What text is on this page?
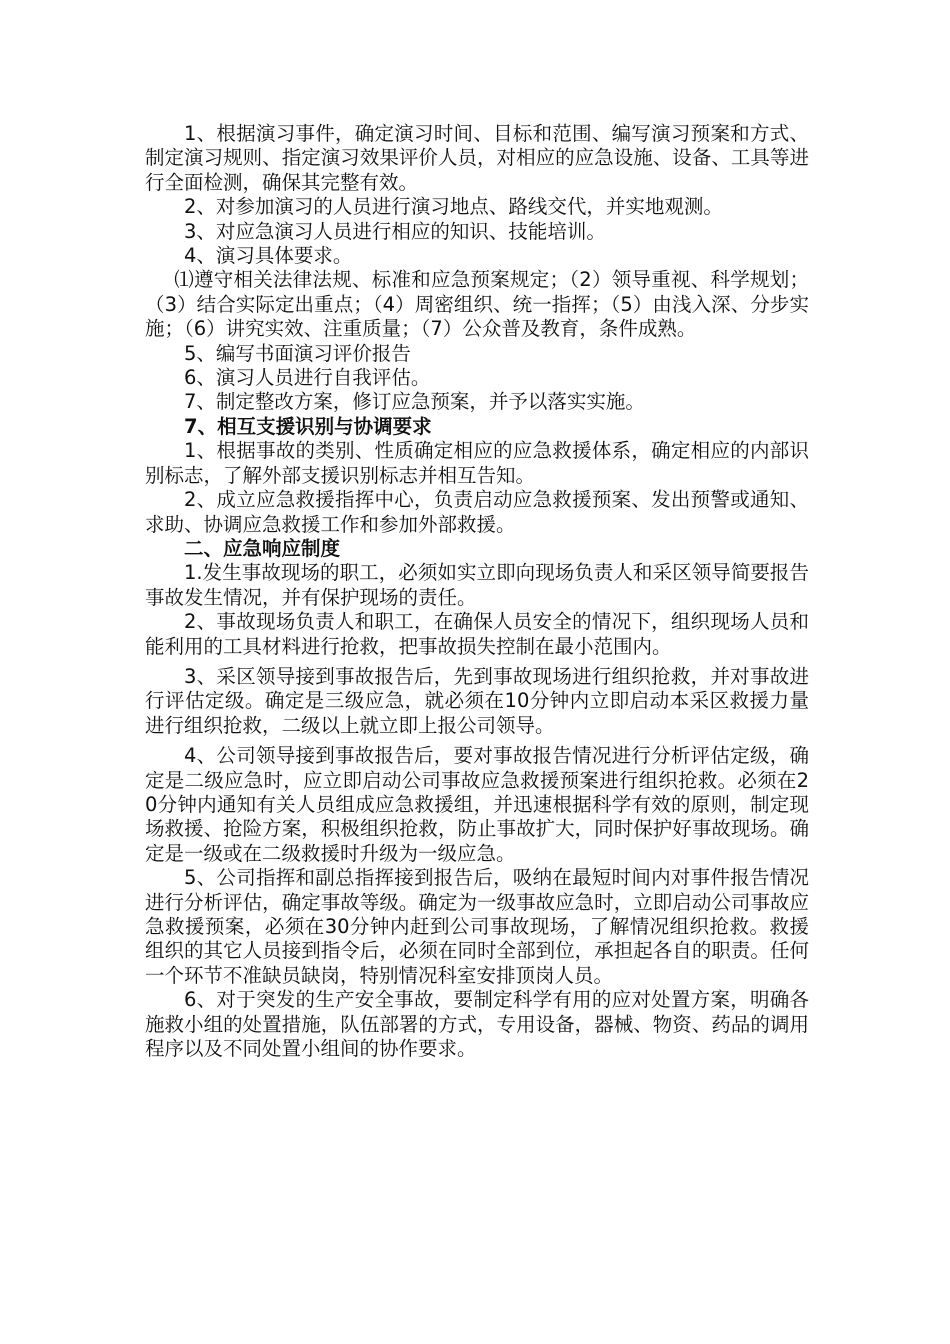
1、根据演习事件，确定演习时间、目标和范围、编写演习预案和方式、制定演习规则、指定演习效果评价人员，对相应的应急设施、设备、工具等进行全面检测，确保其完整有效。

2、对参加演习的人员进行演习地点、路线交代，并实地观测。

3、对应急演习人员进行相应的知识、技能培训。

4、演习具体要求。

⑴遵守相关法律法规、标准和应急预案规定；（2）领导重视、科学规划；（3）结合实际定出重点；（4）周密组织、统一指挥；（5）由浅入深、分步实施；（6）讲究实效、注重质量；（7）公众普及教育，条件成熟。

5、编写书面演习评价报告

6、演习人员进行自我评估。

7、制定整改方案，修订应急预案，并予以落实实施。

7、相互支援识别与协调要求

1、根据事故的类别、性质确定相应的应急救援体系，确定相应的内部识别标志，了解外部支援识别标志并相互告知。

2、成立应急救援指挥中心，负责启动应急救援预案、发出预警或通知、求助、协调应急救援工作和参加外部救援。

二、应急响应制度

1.发生事故现场的职工，必须如实立即向现场负责人和采区领导简要报告事故发生情况，并有保护现场的责任。

2、事故现场负责人和职工，在确保人员安全的情况下，组织现场人员和能利用的工具材料进行抢救，把事故损失控制在最小范围内。

3、采区领导接到事故报告后，先到事故现场进行组织抢救，并对事故进行评估定级。确定是三级应急，就必须在10分钟内立即启动本采区救援力量进行组织抢救，二级以上就立即上报公司领导。

4、公司领导接到事故报告后，要对事故报告情况进行分析评估定级，确定是二级应急时，应立即启动公司事故应急救援预案进行组织抢救。必须在20分钟内通知有关人员组成应急救援组，并迅速根据科学有效的原则，制定现场救援、抢险方案，积极组织抢救，防止事故扩大，同时保护好事故现场。确定是一级或在二级救援时升级为一级应急。

5、公司指挥和副总指挥接到报告后，吸纳在最短时间内对事件报告情况进行分析评估，确定事故等级。确定为一级事故应急时，立即启动公司事故应急救援预案，必须在30分钟内赶到公司事故现场，了解情况组织抢救。救援组织的其它人员接到指令后，必须在同时全部到位，承担起各自的职责。任何一个环节不准缺员缺岗，特别情况科室安排顶岗人员。

6、对于突发的生产安全事故，要制定科学有用的应对处置方案，明确各施救小组的处置措施，队伍部署的方式，专用设备，器械、物资、药品的调用程序以及不同处置小组间的协作要求。
